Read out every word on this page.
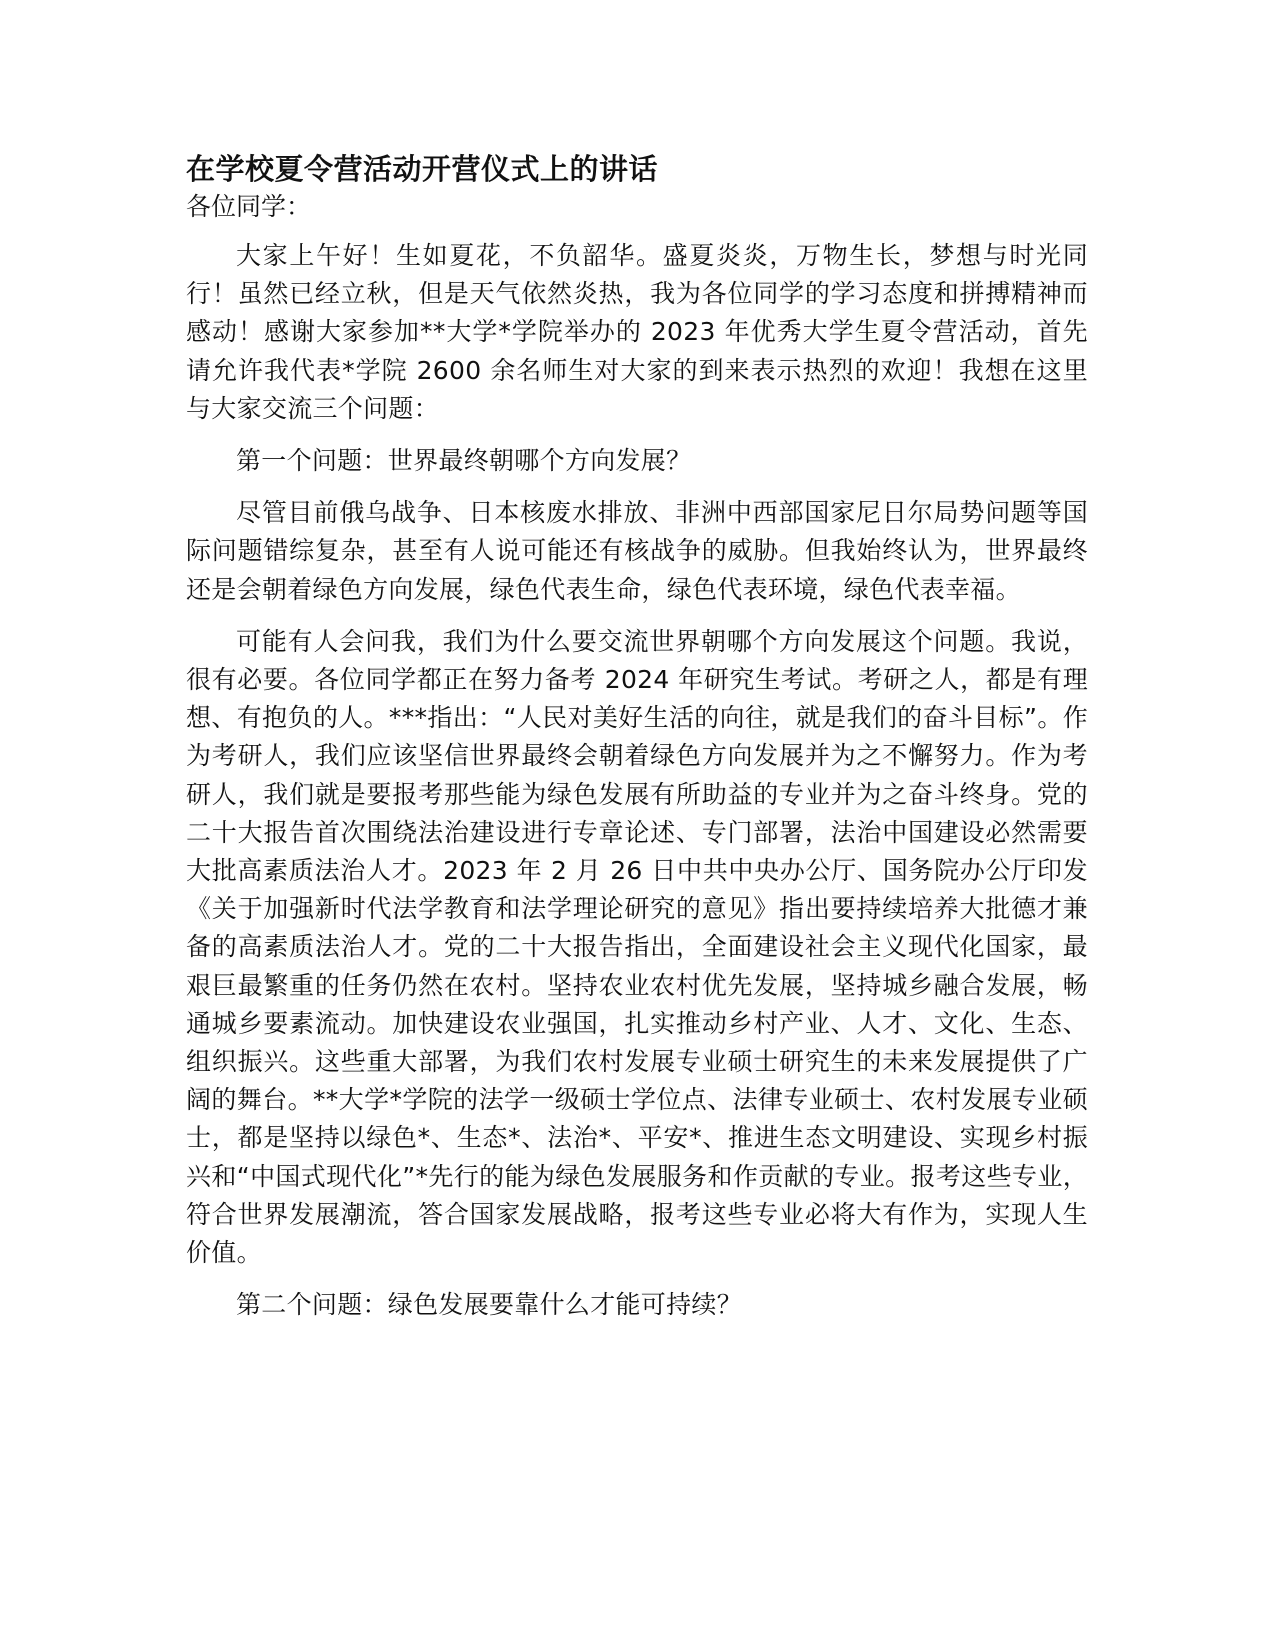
在学校夏令营活动开营仪式上的讲话

各位同学：

大家上午好！生如夏花，不负韶华。盛夏炎炎，万物生长，梦想与时光同行！虽然已经立秋，但是天气依然炎热，我为各位同学的学习态度和拼搏精神而感动！感谢大家参加**大学*学院举办的 2023 年优秀大学生夏令营活动，首先请允许我代表*学院 2600 余名师生对大家的到来表示热烈的欢迎！我想在这里与大家交流三个问题：

第一个问题：世界最终朝哪个方向发展？

尽管目前俄乌战争、日本核废水排放、非洲中西部国家尼日尔局势问题等国际问题错综复杂，甚至有人说可能还有核战争的威胁。但我始终认为，世界最终还是会朝着绿色方向发展，绿色代表生命，绿色代表环境，绿色代表幸福。

可能有人会问我，我们为什么要交流世界朝哪个方向发展这个问题。我说，很有必要。各位同学都正在努力备考 2024 年研究生考试。考研之人，都是有理想、有抱负的人。***指出：“人民对美好生活的向往，就是我们的奋斗目标”。作为考研人，我们应该坚信世界最终会朝着绿色方向发展并为之不懈努力。作为考研人，我们就是要报考那些能为绿色发展有所助益的专业并为之奋斗终身。党的二十大报告首次围绕法治建设进行专章论述、专门部署，法治中国建设必然需要大批高素质法治人才。2023 年 2 月 26 日中共中央办公厅、国务院办公厅印发《关于加强新时代法学教育和法学理论研究的意见》指出要持续培养大批德才兼备的高素质法治人才。党的二十大报告指出，全面建设社会主义现代化国家，最艰巨最繁重的任务仍然在农村。坚持农业农村优先发展，坚持城乡融合发展，畅通城乡要素流动。加快建设农业强国，扎实推动乡村产业、人才、文化、生态、组织振兴。这些重大部署，为我们农村发展专业硕士研究生的未来发展提供了广阔的舞台。**大学*学院的法学一级硕士学位点、法律专业硕士、农村发展专业硕士，都是坚持以绿色*、生态*、法治*、平安*、推进生态文明建设、实现乡村振兴和“中国式现代化”*先行的能为绿色发展服务和作贡献的专业。报考这些专业，符合世界发展潮流，答合国家发展战略，报考这些专业必将大有作为，实现人生价值。

第二个问题：绿色发展要靠什么才能可持续？
